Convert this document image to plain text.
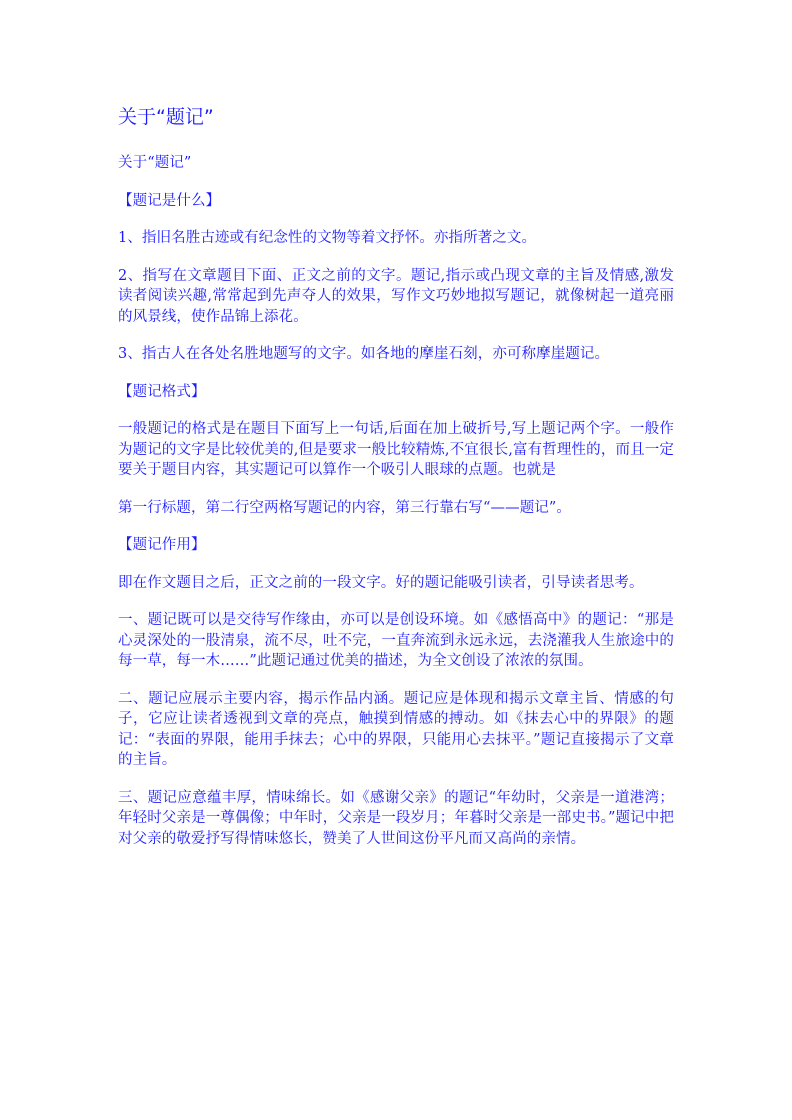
关于“题记”

关于“题记”

【题记是什么】

1、指旧名胜古迹或有纪念性的文物等着文抒怀。亦指所著之文。

2、指写在文章题目下面、正文之前的文字。题记,指示或凸现文章的主旨及情感,激发读者阅读兴趣,常常起到先声夺人的效果，写作文巧妙地拟写题记，就像树起一道亮丽的风景线，使作品锦上添花。

3、指古人在各处名胜地题写的文字。如各地的摩崖石刻，亦可称摩崖题记。

【题记格式】

一般题记的格式是在题目下面写上一句话,后面在加上破折号,写上题记两个字。一般作为题记的文字是比较优美的,但是要求一般比较精炼,不宜很长,富有哲理性的，而且一定要关于题目内容，其实题记可以算作一个吸引人眼球的点题。也就是

第一行标题，第二行空两格写题记的内容，第三行靠右写“——题记”。

【题记作用】

即在作文题目之后，正文之前的一段文字。好的题记能吸引读者，引导读者思考。

一、题记既可以是交待写作缘由，亦可以是创设环境。如《感悟高中》的题记：“那是心灵深处的一股清泉，流不尽，吐不完，一直奔流到永远永远，去浇灌我人生旅途中的每一草，每一木……”此题记通过优美的描述，为全文创设了浓浓的氛围。

二、题记应展示主要内容，揭示作品内涵。题记应是体现和揭示文章主旨、情感的句子，它应让读者透视到文章的亮点，触摸到情感的搏动。如《抹去心中的界限》的题记：“表面的界限，能用手抹去；心中的界限，只能用心去抹平。”题记直接揭示了文章的主旨。

三、题记应意蕴丰厚，情味绵长。如《感谢父亲》的题记“年幼时，父亲是一道港湾；年轻时父亲是一尊偶像；中年时，父亲是一段岁月；年暮时父亲是一部史书。”题记中把对父亲的敬爱抒写得情味悠长，赞美了人世间这份平凡而又高尚的亲情。
